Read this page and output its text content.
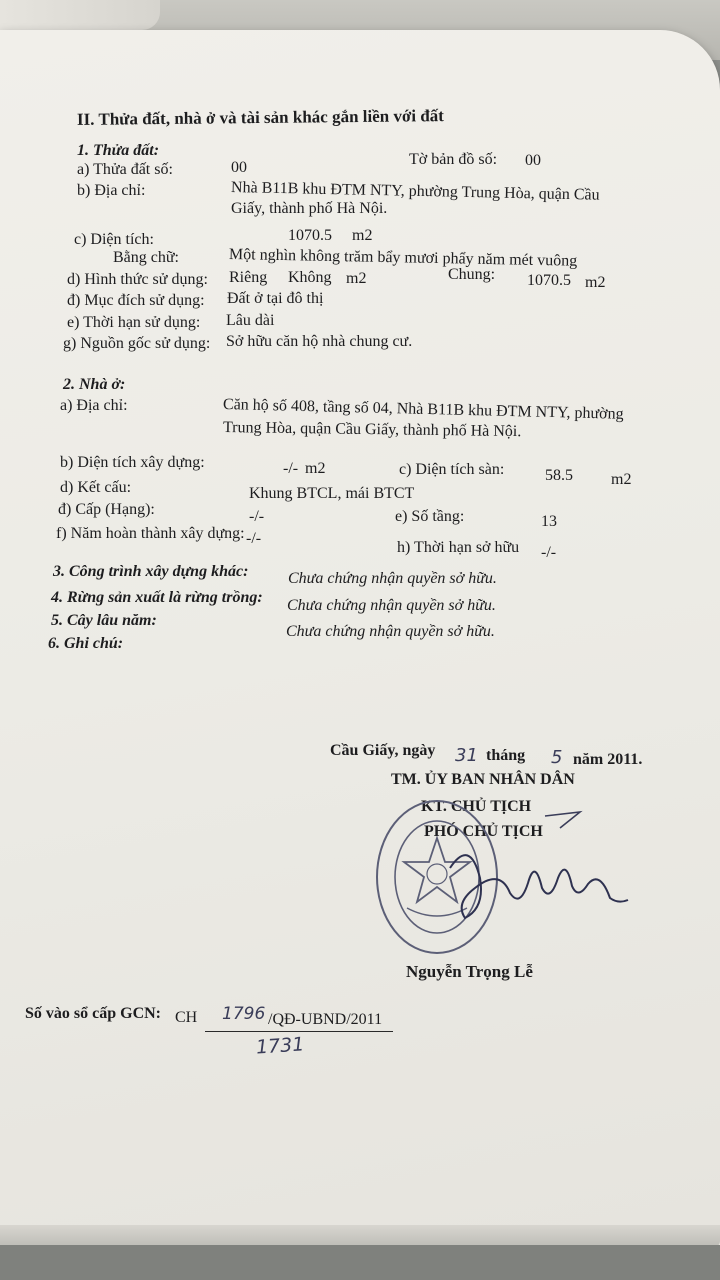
II. Thửa đất, nhà ở và tài sản khác gắn liền với đất
1. Thửa đất:
a) Thửa đất số:	00	Tờ bản đồ số: 00
b) Địa chỉ:	Nhà B11B khu ĐTM NTY, phường Trung Hòa, quận Cầu
Giấy, thành phố Hà Nội.
c) Diện tích:	1070.5 m2
Bằng chữ:	Một nghìn không trăm bẩy mươi phẩy năm mét vuông
d) Hình thức sử dụng: Riêng Không m2	Chung: 1070.5 m2
đ) Mục đích sử dụng: Đất ở tại đô thị
e) Thời hạn sử dụng: Lâu dài
g) Nguồn gốc sử dụng: Sở hữu căn hộ nhà chung cư.
2. Nhà ở:
a) Địa chỉ:	Căn hộ số 408, tầng số 04, Nhà B11B khu ĐTM NTY, phường
Trung Hòa, quận Cầu Giấy, thành phố Hà Nội.
b) Diện tích xây dựng:	-/- m2	c) Diện tích sàn:	58.5 m2
d) Kết cấu:	Khung BTCL, mái BTCT
đ) Cấp (Hạng):	-/-	e) Số tầng:	13
f) Năm hoàn thành xây dựng: -/-
h) Thời hạn sở hữu -/-
3. Công trình xây dựng khác: Chưa chứng nhận quyền sở hữu.
4. Rừng sản xuất là rừng trồng: Chưa chứng nhận quyền sở hữu.
5. Cây lâu năm:
Chưa chứng nhận quyền sở hữu.
6. Ghi chú:
Cầu Giấy, ngày 31 tháng 5 năm 2011.
TM. ỦY BAN NHÂN DÂN
KT. CHỦ TỊCH
PHÓ CHỦ TỊCH
Nguyễn Trọng Lễ
Số vào sổ cấp GCN: CH 1796 /QĐ-UBND/2011
1731
